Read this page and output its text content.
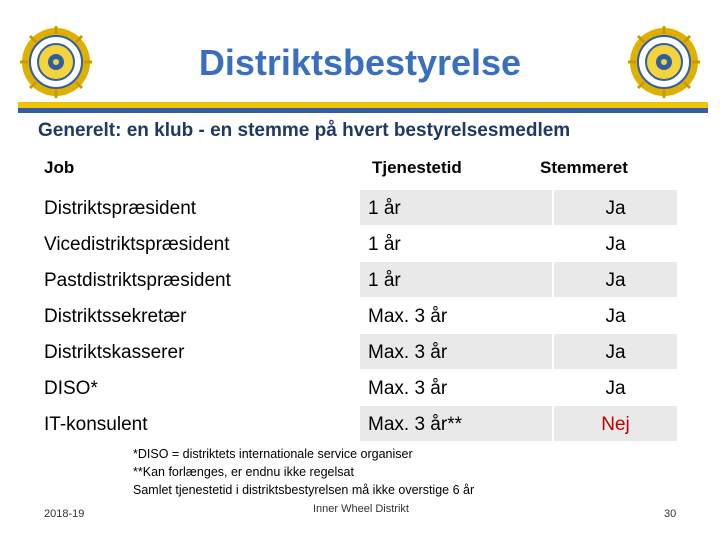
Distriktsbestyrelse
Generelt: en klub - en stemme på hvert bestyrelsesmedlem
Job	Tjenestetid	Stemmeret
Distriktspræsident	1 år	Ja
Vicedistriktspræsident	1 år	Ja
Pastdistriktspræsident	1 år	Ja
Distriktssekretær	Max. 3 år	Ja
Distriktskasserer	Max. 3 år	Ja
DISO*	Max. 3 år	Ja
IT-konsulent	Max. 3 år**	Nej
*DISO = distriktets internationale service organiser
**Kan forlænges, er endnu ikke regelsat
Samlet tjenestetid i distriktsbestyrelsen må ikke overstige 6 år
2018-19	Inner Wheel Distrikt	30
